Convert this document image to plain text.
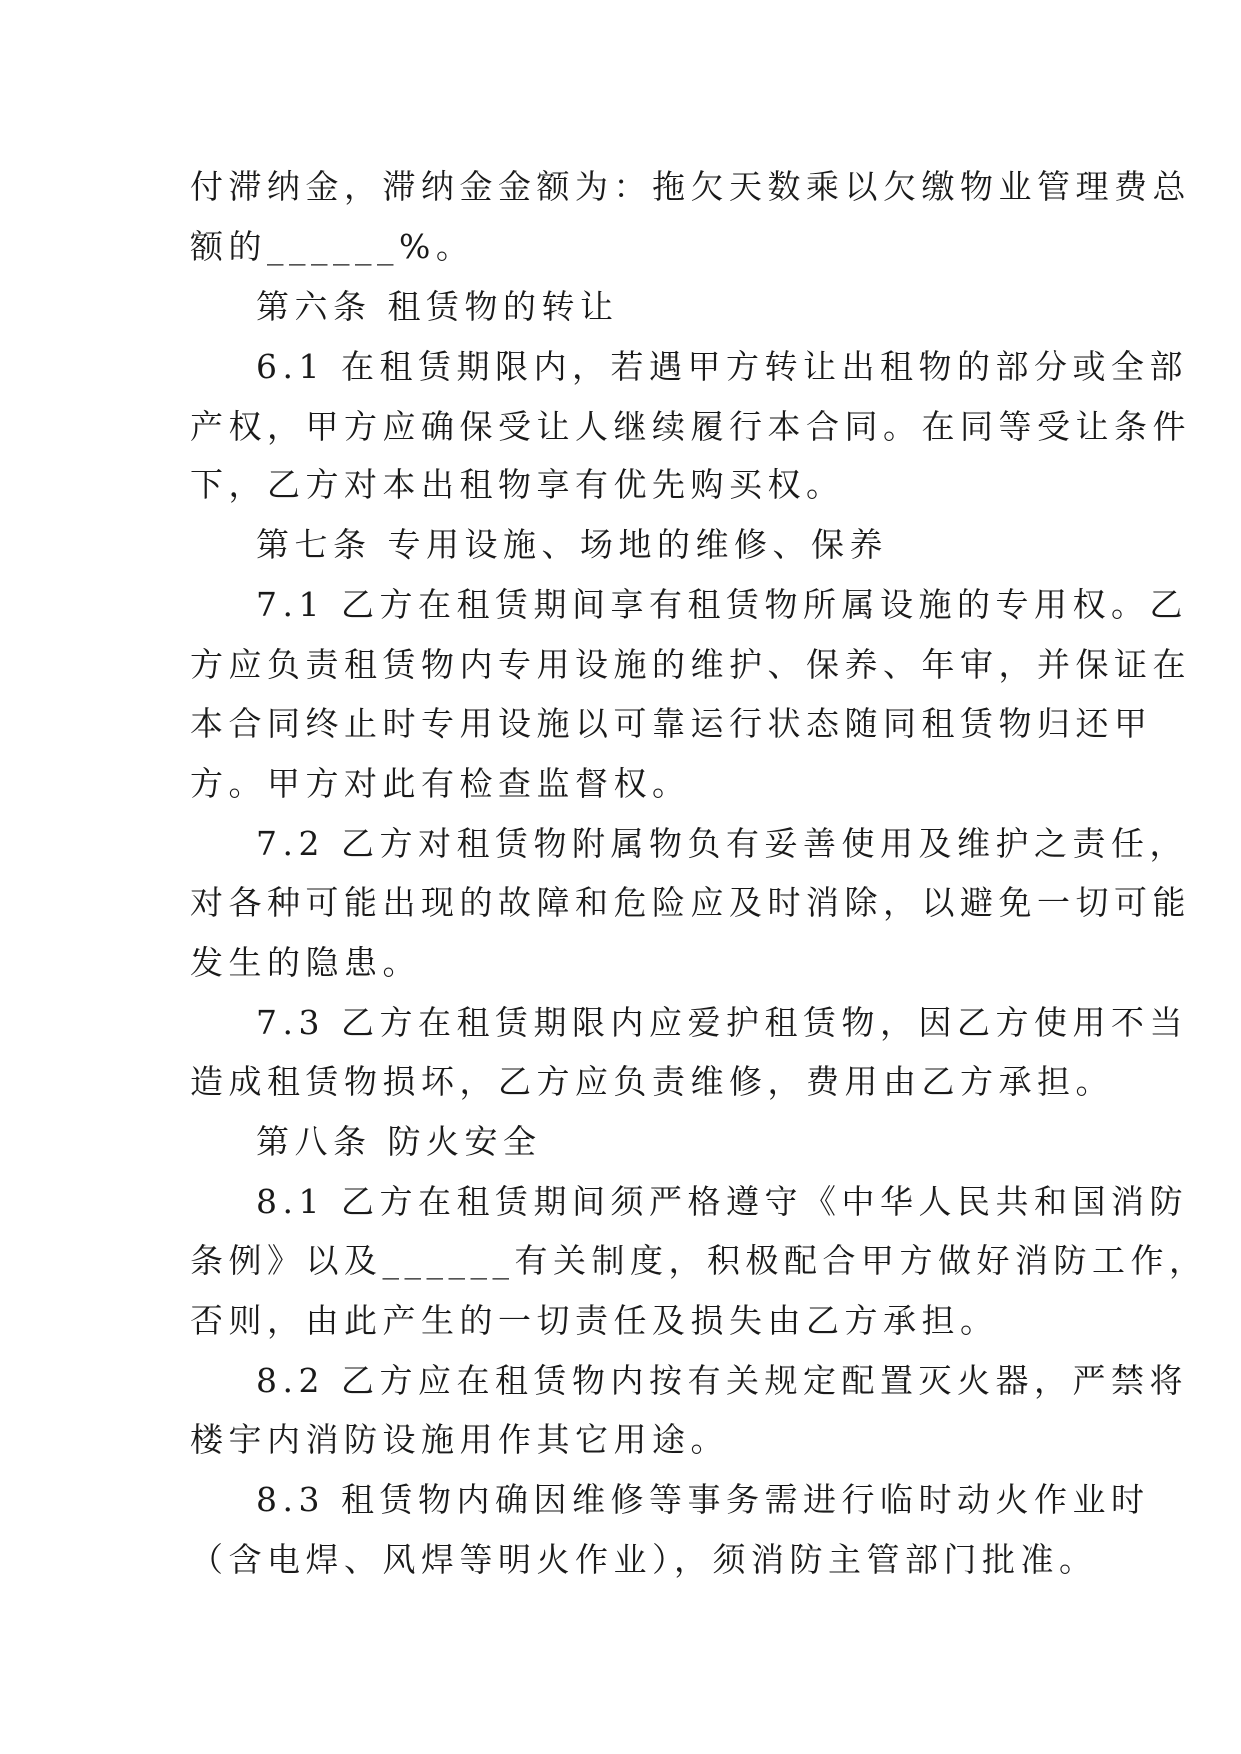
付滞纳金，滞纳金金额为：拖欠天数乘以欠缴物业管理费总
额的______%。
第六条 租赁物的转让
6.1 在租赁期限内，若遇甲方转让出租物的部分或全部
产权，甲方应确保受让人继续履行本合同。在同等受让条件
下，乙方对本出租物享有优先购买权。
第七条 专用设施、场地的维修、保养
7.1 乙方在租赁期间享有租赁物所属设施的专用权。乙
方应负责租赁物内专用设施的维护、保养、年审，并保证在
本合同终止时专用设施以可靠运行状态随同租赁物归还甲
方。甲方对此有检查监督权。
7.2 乙方对租赁物附属物负有妥善使用及维护之责任，
对各种可能出现的故障和危险应及时消除，以避免一切可能
发生的隐患。
7.3 乙方在租赁期限内应爱护租赁物，因乙方使用不当
造成租赁物损坏，乙方应负责维修，费用由乙方承担。
第八条 防火安全
8.1 乙方在租赁期间须严格遵守《中华人民共和国消防
条例》以及______有关制度，积极配合甲方做好消防工作，
否则，由此产生的一切责任及损失由乙方承担。
8.2 乙方应在租赁物内按有关规定配置灭火器，严禁将
楼宇内消防设施用作其它用途。
8.3 租赁物内确因维修等事务需进行临时动火作业时
（含电焊、风焊等明火作业），须消防主管部门批准。
